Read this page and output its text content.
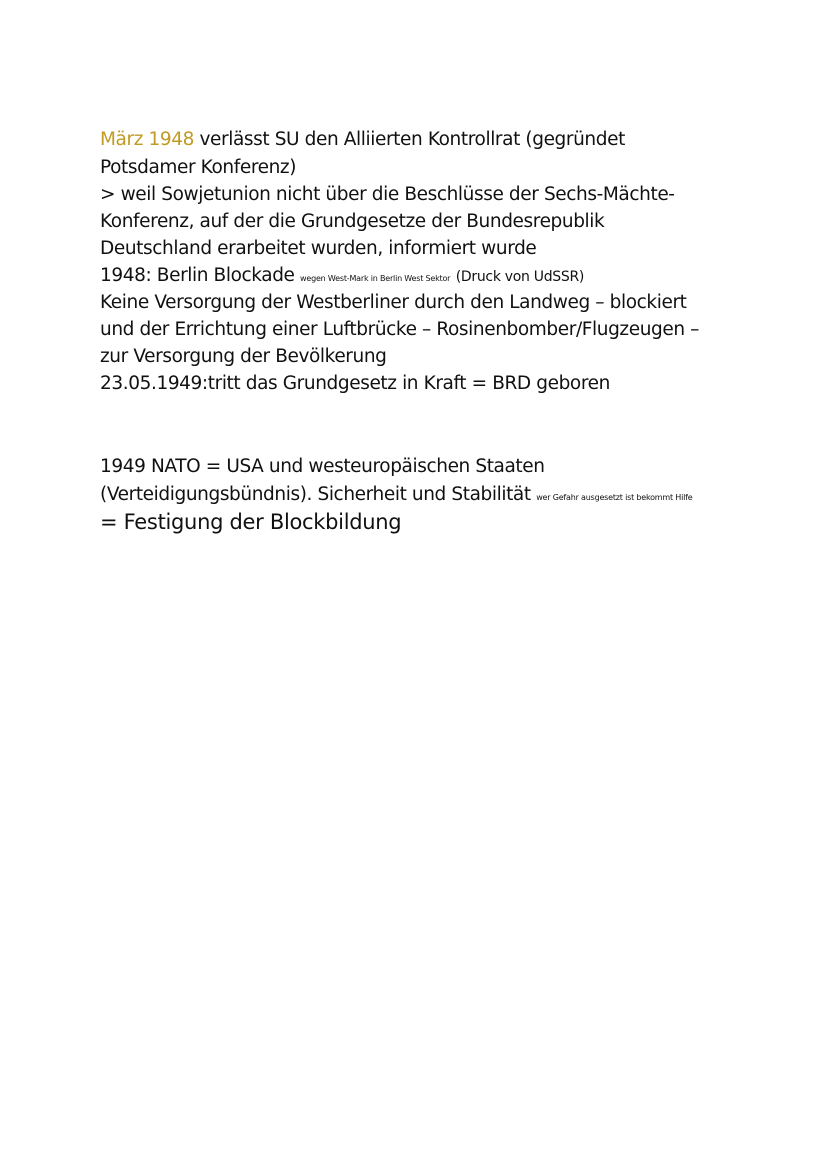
März 1948 verlässt SU den Alliierten Kontrollrat (gegründet
Potsdamer Konferenz)
> weil Sowjetunion nicht über die Beschlüsse der Sechs-Mächte-
Konferenz, auf der die Grundgesetze der Bundesrepublik
Deutschland erarbeitet wurden, informiert wurde
1948: Berlin Blockade wegen West-Mark in Berlin West Sektor (Druck von UdSSR)
Keine Versorgung der Westberliner durch den Landweg – blockiert
und der Errichtung einer Luftbrücke – Rosinenbomber/Flugzeugen –
zur Versorgung der Bevölkerung
23.05.1949:tritt das Grundgesetz in Kraft = BRD geboren
1949 NATO = USA und westeuropäischen Staaten
(Verteidigungsbündnis). Sicherheit und Stabilität wer Gefahr ausgesetzt ist bekommt Hilfe
= Festigung der Blockbildung
